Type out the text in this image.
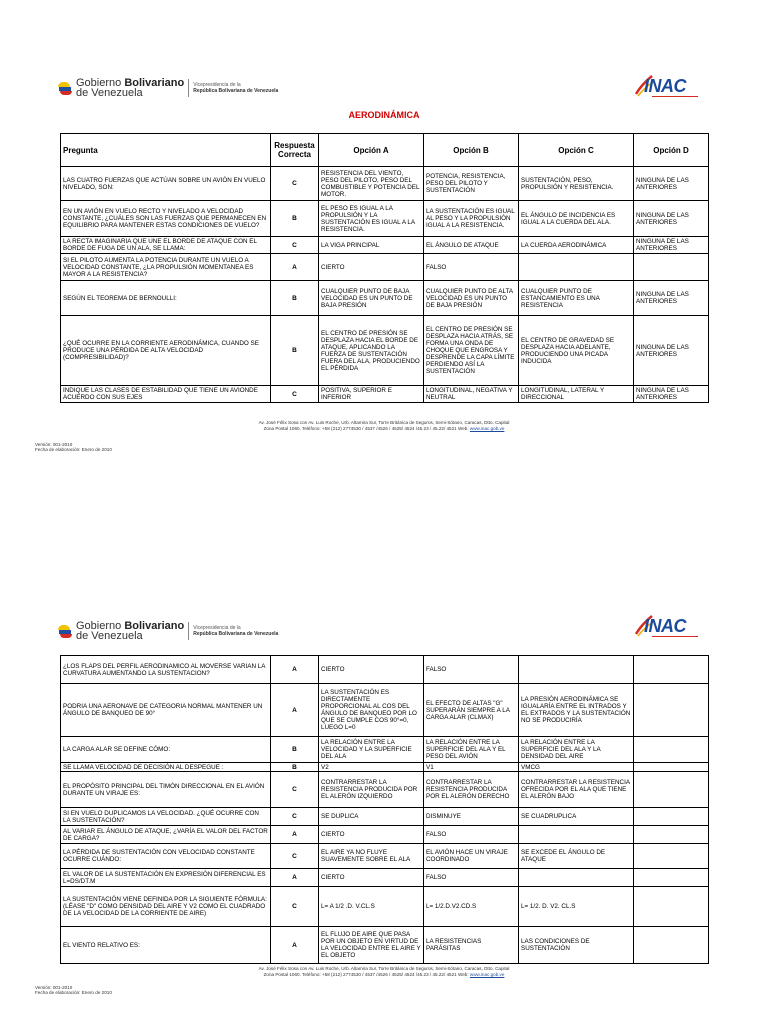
Gobierno Bolivariano
de Venezuela
Vicepresidencia de la
República Bolivariana de Venezuela	INAC
AERODINÁMICA
Pregunta	Respuesta Correcta	Opción A	Opción B	Opción C	Opción D
LAS CUATRO FUERZAS QUE ACTÚAN SOBRE UN AVIÓN EN VUELO NIVELADO, SON:	C	RESISTENCIA DEL VIENTO, PESO DEL PILOTO, PESO DEL COMBUSTIBLE Y POTENCIA DEL MOTOR.	POTENCIA, RESISTENCIA, PESO DEL PILOTO Y SUSTENTACIÓN	SUSTENTACIÓN, PESO, PROPULSIÓN Y RESISTENCIA.	NINGUNA DE LAS ANTERIORES
EN UN AVIÓN EN VUELO RECTO Y NIVELADO A VELOCIDAD CONSTANTE, ¿CUÁLES SON LAS FUERZAS QUE PERMANECEN EN EQUILIBRIO PARA MANTENER ESTAS CONDICIONES DE VUELO?	B	EL PESO ES IGUAL A LA PROPULSIÓN Y LA SUSTENTACIÓN ES IGUAL A LA RESISTENCIA.	LA SUSTENTACIÓN ES IGUAL AL PESO Y LA PROPULSIÓN IGUAL A LA RESISTENCIA.	EL ÁNGULO DE INCIDENCIA ES IGUAL A LA CUERDA DEL ALA.	NINGUNA DE LAS ANTERIORES
LA RECTA IMAGINARIA QUE UNE EL BORDE DE ATAQUE CON EL BORDE DE FUGA DE UN ALA, SE LLAMA:	C	LA VIGA PRINCIPAL	EL ÁNGULO DE ATAQUE	LA CUERDA AERODINÁMICA	NINGUNA DE LAS ANTERIORES
SI EL PILOTO AUMENTA LA POTENCIA DURANTE UN VUELO A VELOCIDAD CONSTANTE, ¿LA PROPULSIÓN MOMENTANEA ES MAYOR A LA RESISTENCIA?	A	CIERTO	FALSO		
SEGÚN EL TEOREMA DE BERNOULLI:	B	CUALQUIER PUNTO DE BAJA VELOCIDAD ES UN PUNTO DE BAJA PRESIÓN	CUALQUIER PUNTO DE ALTA VELOCIDAD ES UN PUNTO DE BAJA PRESIÓN	CUALQUIER PUNTO DE ESTANCAMIENTO ES UNA RESISTENCIA	NINGUNA DE LAS ANTERIORES
¿QUÉ OCURRE EN LA CORRIENTE AERODINÁMICA, CUANDO SE PRODUCE UNA PÉRDIDA DE ALTA VELOCIDAD (COMPRESIBILIDAD)?	B	EL CENTRO DE PRESIÓN SE DESPLAZA HACIA EL BORDE DE ATAQUE, APLICANDO LA FUERZA DE SUSTENTACIÓN FUERA DEL ALA, PRODUCIENDO EL PÉRDIDA	EL CENTRO DE PRESIÓN SE DESPLAZA HACIA ATRÁS, SE FORMA UNA ONDA DE CHOQUE QUE ENGROSA Y DESPRENDE LA CAPA LÍMITE PERDIENDO ASÍ LA SUSTENTACIÓN	EL CENTRO DE GRAVEDAD SE DESPLAZA HACIA ADELANTE, PRODUCIENDO UNA PICADA INDUCIDA	NINGUNA DE LAS ANTERIORES
INDIQUE LAS CLASES DE ESTABILIDAD QUE TIENE UN AVIONDE ACUERDO CON SUS EJES	C	POSITIVA, SUPERIOR E INFERIOR	LONGITUDINAL, NEGATIVA Y NEUTRAL	LONGITUDINAL, LATERAL Y DIRECCIONAL	NINGUNA DE LAS ANTERIORES
Av. José Félix Sosa con Av. Luis Roche, Urb. Altamira Sur, Torre Británica de Seguros, Semi-Sótano, Caracas, Dtto. Capital
Zona Postal 1060. Teléfono: +58 (212) 2774530 / 4537 /4526 / 4525/ 4524 /45.23 / 45.22/ 4521 Web: www.inac.gob.ve
Versión: 001-2010
Fecha de elaboración: Enero de 2010
Gobierno Bolivariano
de Venezuela
Vicepresidencia de la
República Bolivariana de Venezuela	INAC
¿LOS FLAPS DEL PERFIL AERODINAMICO AL MOVERSE VARIAN LA CURVATURA AUMENTANDO LA SUSTENTACION?	A	CIERTO	FALSO		
PODRIA UNA AERONAVE DE CATEGORIA NORMAL MANTENER UN ÁNGULO DE BANQUEO DE 90°	A	LA SUSTENTACIÓN ES DIRECTAMENTE PROPORCIONAL AL COS DEL ÁNGULO DE BANQUEO POR LO QUE SE CUMPLE COS 90°=0, LUEGO L=0	EL EFECTO DE ALTAS "G" SUPERARÁN SIEMPRE A LA CARGA ALAR (CLMAX)	LA PRESIÓN AERODINÁMICA SE IGUALARÍA ENTRE EL INTRADOS Y EL EXTRADOS Y LA SUSTENTACIÓN NO SE PRODUCIRÍA	
LA CARGA ALAR SE DEFINE CÓMO:	B	LA RELACIÓN ENTRE LA VELOCIDAD Y LA SUPERFICIE DEL ALA	LA RELACIÓN ENTRE LA SUPERFICIE DEL ALA Y EL PESO DEL AVIÓN	LA RELACIÓN ENTRE LA SUPERFICIE DEL ALA Y LA DENSIDAD DEL AIRE	
SE LLAMA VELOCIDAD DE DECISIÓN AL DESPEGUE :	B	V2	V1	VMCG	
EL PROPÓSITO PRINCIPAL DEL TIMÓN DIRECCIONAL EN EL AVIÓN DURANTE UN VIRAJE ES:	C	CONTRARRESTAR LA RESISTENCIA PRODUCIDA POR EL ALERÓN IZQUIERDO	CONTRARRESTAR LA RESISTENCIA PRODUCIDA POR EL ALERÓN DERECHO	CONTRARRESTAR LA RESISTENCIA OFRECIDA POR EL ALA QUE TIENE EL ALERÓN BAJO	
SI EN VUELO DUPLICAMOS LA VELOCIDAD. ¿QUÉ OCURRE CON LA SUSTENTACIÓN?	C	SE DUPLICA	DISMINUYE	SE CUADRUPLICA	
AL VARIAR EL ÁNGULO DE ATAQUE, ¿VARÍA EL VALOR DEL FACTOR DE CARGA?	A	CIERTO	FALSO		
LA PÉRDIDA DE SUSTENTACIÓN CON VELOCIDAD CONSTANTE OCURRE CUÁNDO:	C	EL AIRE YA NO FLUYE SUAVEMENTE SOBRE EL ALA	EL AVIÓN HACE UN VIRAJE COORDINADO	SE EXCEDE EL ÁNGULO DE ATAQUE	
EL VALOR DE LA SUSTENTACIÓN EN EXPRESIÓN DIFERENCIAL ES L=DS/DT.M	A	CIERTO	FALSO		
LA SUSTENTACIÓN VIENE DEFINIDA POR LA SIGUIENTE FÓRMULA: (LÉASE "D" COMO DENSIDAD DEL AIRE Y V2 COMO EL CUADRADO DE LA VELOCIDAD DE LA CORRIENTE DE AIRE)	C	L= A 1/2 .D. V.CL.S	L= 1/2.D.V2.CD.S	L= 1/2. D. V2. CL.S	
EL VIENTO RELATIVO ES:	A	EL FLUJO DE AIRE QUE PASA POR UN OBJETO EN VIRTUD DE LA VELOCIDAD ENTRE EL AIRE Y EL OBJETO	LA RESISTENCIAS PARÁSITAS	LAS CONDICIONES DE SUSTENTACIÓN	
Av. José Félix Sosa con Av. Luis Roche, Urb. Altamira Sur, Torre Británica de Seguros, Semi-Sótano, Caracas, Dtto. Capital
Zona Postal 1060. Teléfono: +58 (212) 2774530 / 4537 /4526 / 4525/ 4524 /45.23 / 45.22/ 4521 Web: www.inac.gob.ve
Versión: 001-2010
Fecha de elaboración: Enero de 2010
